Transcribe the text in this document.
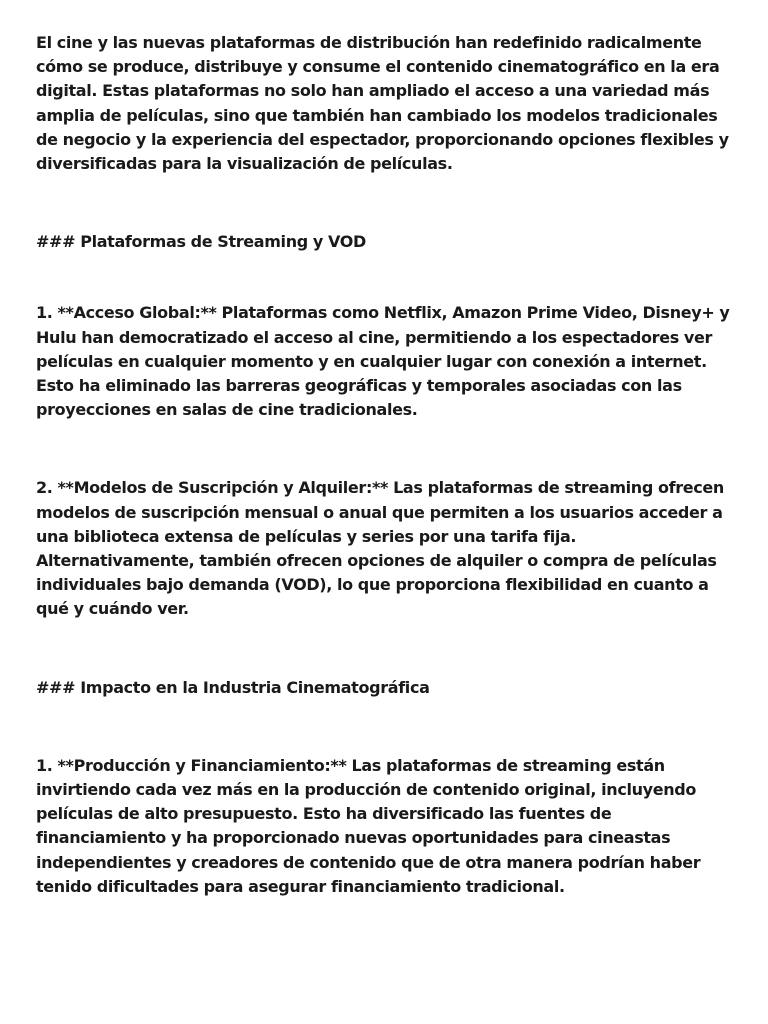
El cine y las nuevas plataformas de distribución han redefinido radicalmente cómo se produce, distribuye y consume el contenido cinematográfico en la era digital. Estas plataformas no solo han ampliado el acceso a una variedad más amplia de películas, sino que también han cambiado los modelos tradicionales de negocio y la experiencia del espectador, proporcionando opciones flexibles y diversificadas para la visualización de películas.

### Plataformas de Streaming y VOD

1. **Acceso Global:** Plataformas como Netflix, Amazon Prime Video, Disney+ y Hulu han democratizado el acceso al cine, permitiendo a los espectadores ver películas en cualquier momento y en cualquier lugar con conexión a internet. Esto ha eliminado las barreras geográficas y temporales asociadas con las proyecciones en salas de cine tradicionales.

2. **Modelos de Suscripción y Alquiler:** Las plataformas de streaming ofrecen modelos de suscripción mensual o anual que permiten a los usuarios acceder a una biblioteca extensa de películas y series por una tarifa fija. Alternativamente, también ofrecen opciones de alquiler o compra de películas individuales bajo demanda (VOD), lo que proporciona flexibilidad en cuanto a qué y cuándo ver.

### Impacto en la Industria Cinematográfica

1. **Producción y Financiamiento:** Las plataformas de streaming están invirtiendo cada vez más en la producción de contenido original, incluyendo películas de alto presupuesto. Esto ha diversificado las fuentes de financiamiento y ha proporcionado nuevas oportunidades para cineastas independientes y creadores de contenido que de otra manera podrían haber tenido dificultades para asegurar financiamiento tradicional.
